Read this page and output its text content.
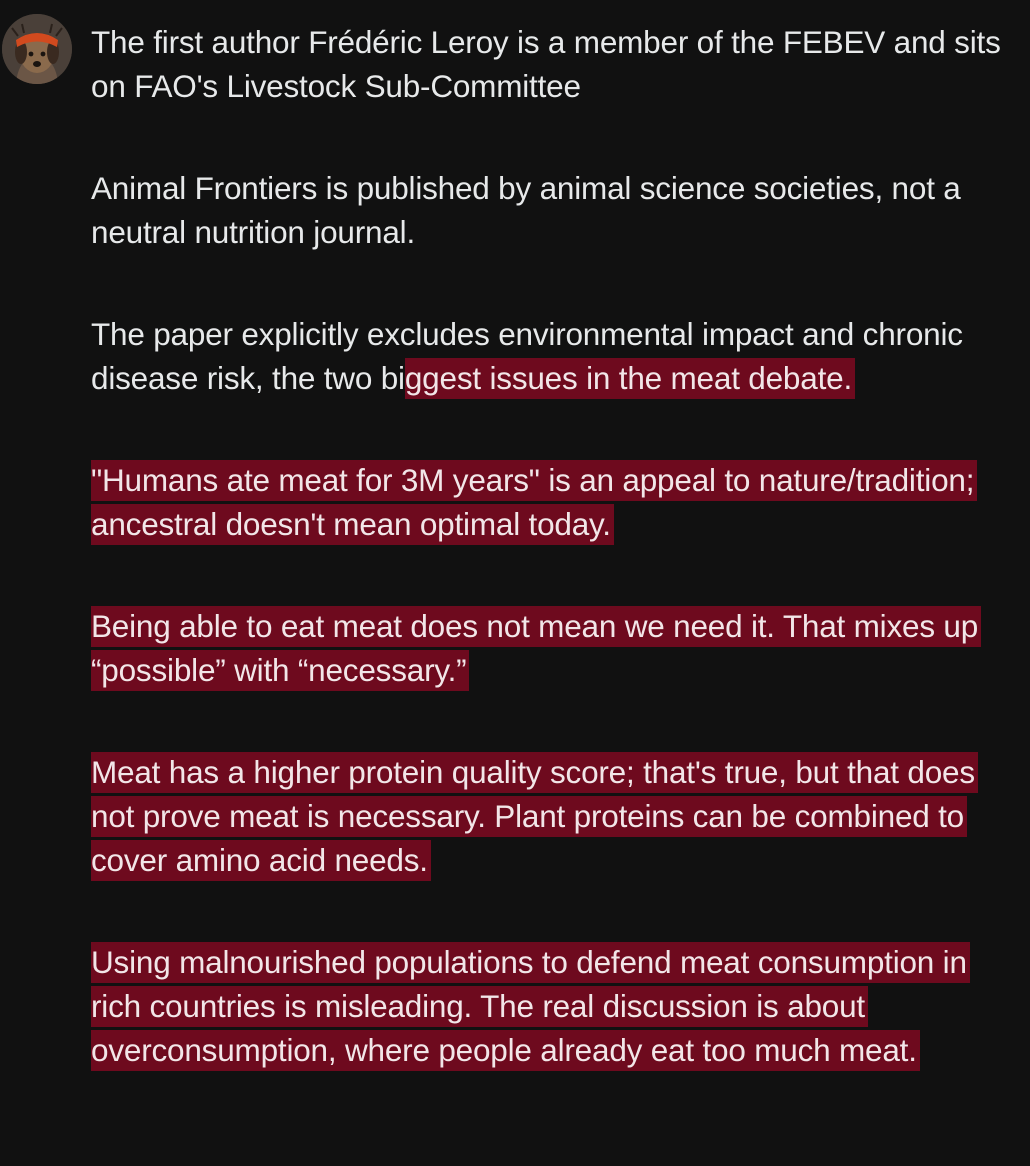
The first author Frédéric Leroy is a member of the FEBEV and sits on FAO's Livestock Sub-Committee

Animal Frontiers is published by animal science societies, not a neutral nutrition journal.

The paper explicitly excludes environmental impact and chronic disease risk, the two biggest issues in the meat debate.

"Humans ate meat for 3M years" is an appeal to nature/tradition; ancestral doesn't mean optimal today.

Being able to eat meat does not mean we need it. That mixes up “possible” with “necessary.”

Meat has a higher protein quality score; that's true, but that does not prove meat is necessary. Plant proteins can be combined to cover amino acid needs.

Using malnourished populations to defend meat consumption in rich countries is misleading. The real discussion is about overconsumption, where people already eat too much meat.
